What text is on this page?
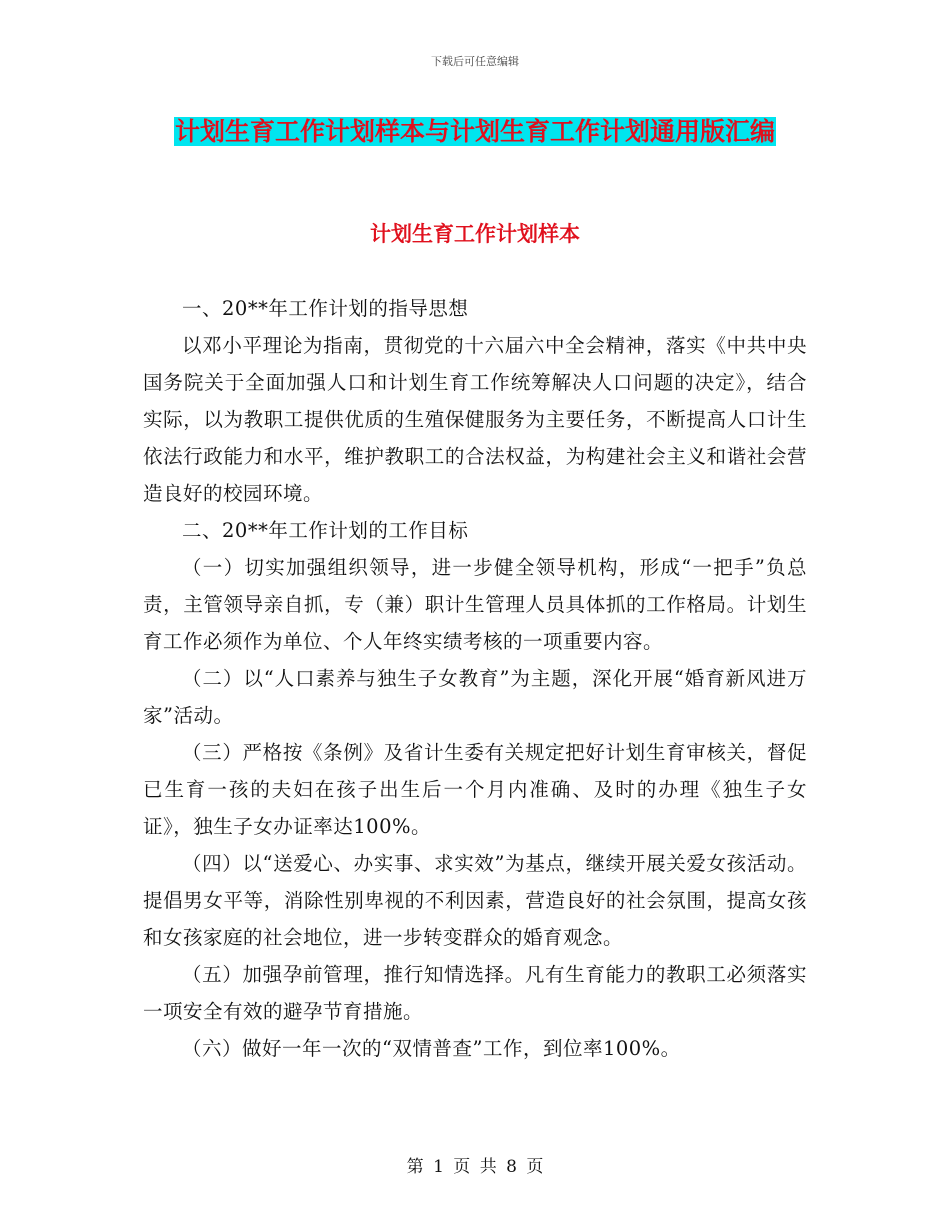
下载后可任意编辑
计划生育工作计划样本与计划生育工作计划通用版汇编
计划生育工作计划样本

一、20**年工作计划的指导思想

以邓小平理论为指南，贯彻党的十六届六中全会精神，落实《中共中央国务院关于全面加强人口和计划生育工作统筹解决人口问题的决定》，结合实际，以为教职工提供优质的生殖保健服务为主要任务，不断提高人口计生依法行政能力和水平，维护教职工的合法权益，为构建社会主义和谐社会营造良好的校园环境。

二、20**年工作计划的工作目标

（一）切实加强组织领导，进一步健全领导机构，形成“一把手”负总责，主管领导亲自抓，专（兼）职计生管理人员具体抓的工作格局。计划生育工作必须作为单位、个人年终实绩考核的一项重要内容。

（二）以“人口素养与独生子女教育”为主题，深化开展“婚育新风进万家”活动。

（三）严格按《条例》及省计生委有关规定把好计划生育审核关，督促已生育一孩的夫妇在孩子出生后一个月内准确、及时的办理《独生子女证》，独生子女办证率达100%。

（四）以“送爱心、办实事、求实效”为基点，继续开展关爱女孩活动。提倡男女平等，消除性别卑视的不利因素，营造良好的社会氛围，提高女孩和女孩家庭的社会地位，进一步转变群众的婚育观念。

（五）加强孕前管理，推行知情选择。凡有生育能力的教职工必须落实一项安全有效的避孕节育措施。

（六）做好一年一次的“双情普查”工作，到位率100%。

第 1 页 共 8 页
